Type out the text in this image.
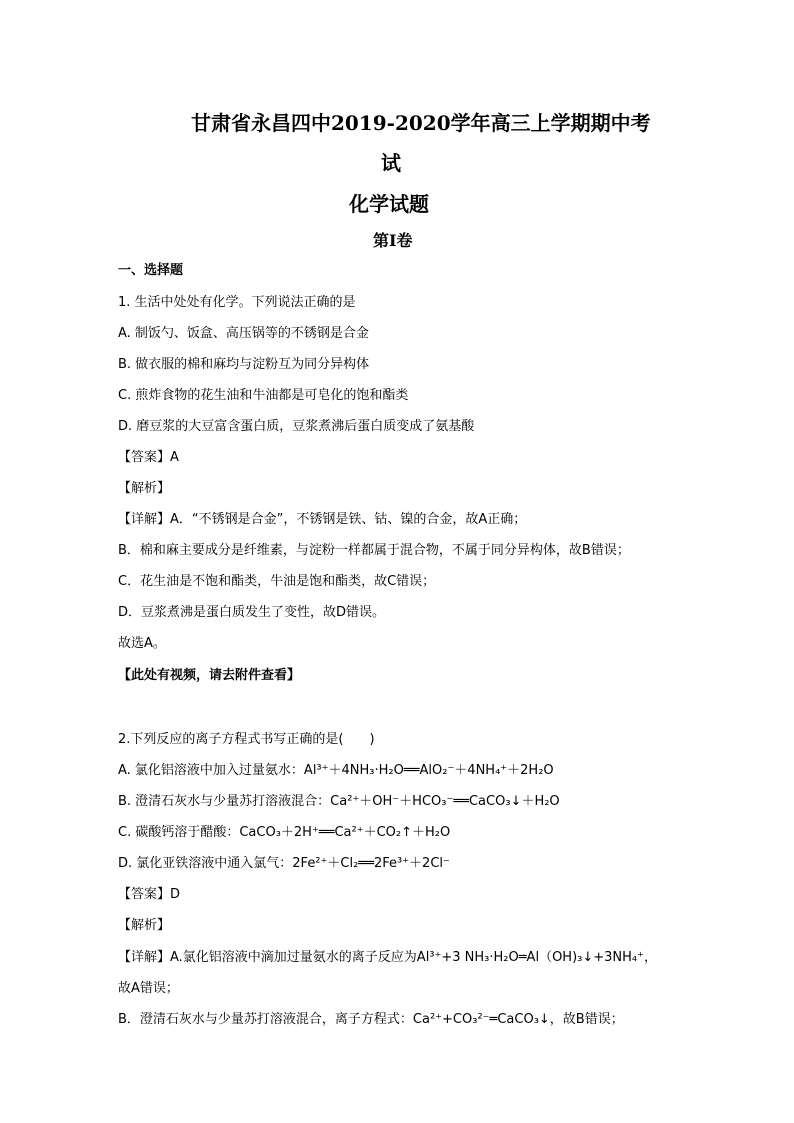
甘肃省永昌四中2019-2020学年高三上学期期中考
试
化学试题
第I卷
一、选择题
1. 生活中处处有化学。下列说法正确的是
A. 制饭勺、饭盒、高压锅等的不锈钢是合金
B. 做衣服的棉和麻均与淀粉互为同分异构体
C. 煎炸食物的花生油和牛油都是可皂化的饱和酯类
D. 磨豆浆的大豆富含蛋白质，豆浆煮沸后蛋白质变成了氨基酸
【答案】A
【解析】
【详解】A．“不锈钢是合金”，不锈钢是铁、钴、镍的合金，故A正确；
B．棉和麻主要成分是纤维素，与淀粉一样都属于混合物，不属于同分异构体，故B错误；
C．花生油是不饱和酯类，牛油是饱和酯类，故C错误；
D．豆浆煮沸是蛋白质发生了变性，故D错误。
故选A。
【此处有视频，请去附件查看】
2.下列反应的离子方程式书写正确的是(　　)
A. 氯化铝溶液中加入过量氨水：Al³⁺＋4NH₃·H₂O══AlO₂⁻＋4NH₄⁺＋2H₂O
B. 澄清石灰水与少量苏打溶液混合：Ca²⁺＋OH⁻＋HCO₃⁻══CaCO₃↓＋H₂O
C. 碳酸钙溶于醋酸：CaCO₃＋2H⁺══Ca²⁺＋CO₂↑＋H₂O
D. 氯化亚铁溶液中通入氯气：2Fe²⁺＋Cl₂══2Fe³⁺＋2Cl⁻
【答案】D
【解析】
【详解】A.氯化铝溶液中滴加过量氨水的离子反应为Al³⁺+3 NH₃·H₂O═Al（OH)₃↓+3NH₄⁺，
故A错误；
B．澄清石灰水与少量苏打溶液混合，离子方程式：Ca²⁺+CO₃²⁻═CaCO₃↓，故B错误；
